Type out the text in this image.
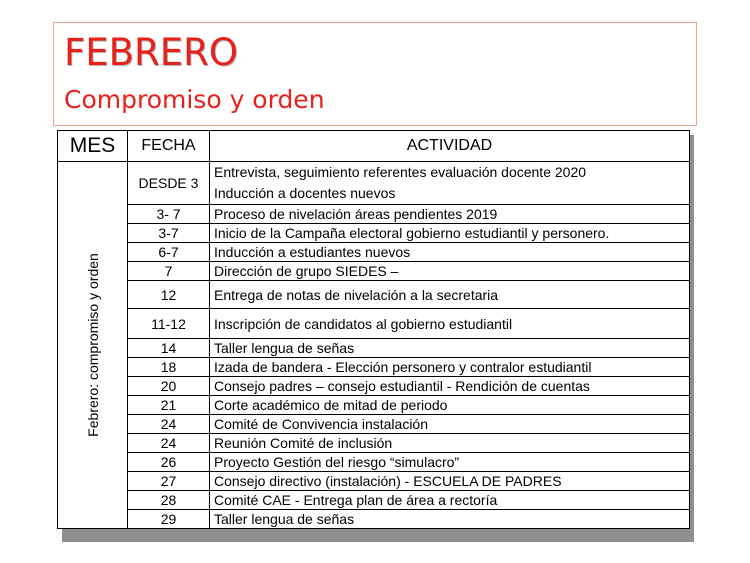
FEBRERO
Compromiso y orden
MES	FECHA	ACTIVIDAD

Febrero: compromiso y orden	DESDE 3	Entrevista, seguimiento referentes evaluación docente 2020
Inducción a docentes nuevos

	3- 7	Proceso de nivelación áreas pendientes 2019
	3-7	Inicio de la Campaña electoral gobierno estudiantil y personero.
	6-7	Inducción a estudiantes nuevos
	7	Dirección de grupo SIEDES –
	12	Entrega de notas de nivelación a la secretaria
	11-12	Inscripción de candidatos al gobierno estudiantil
	14	Taller lengua de señas
	18	Izada de bandera - Elección personero y contralor estudiantil
	20	Consejo padres – consejo estudiantil - Rendición de cuentas
	21	Corte académico de mitad de periodo
	24	Comité de Convivencia instalación
	24	Reunión Comité de inclusión
	26	Proyecto Gestión del riesgo “simulacro”
	27	Consejo directivo (instalación) - ESCUELA DE PADRES
	28	Comité CAE - Entrega plan de área a rectoría
	29	Taller lengua de señas
